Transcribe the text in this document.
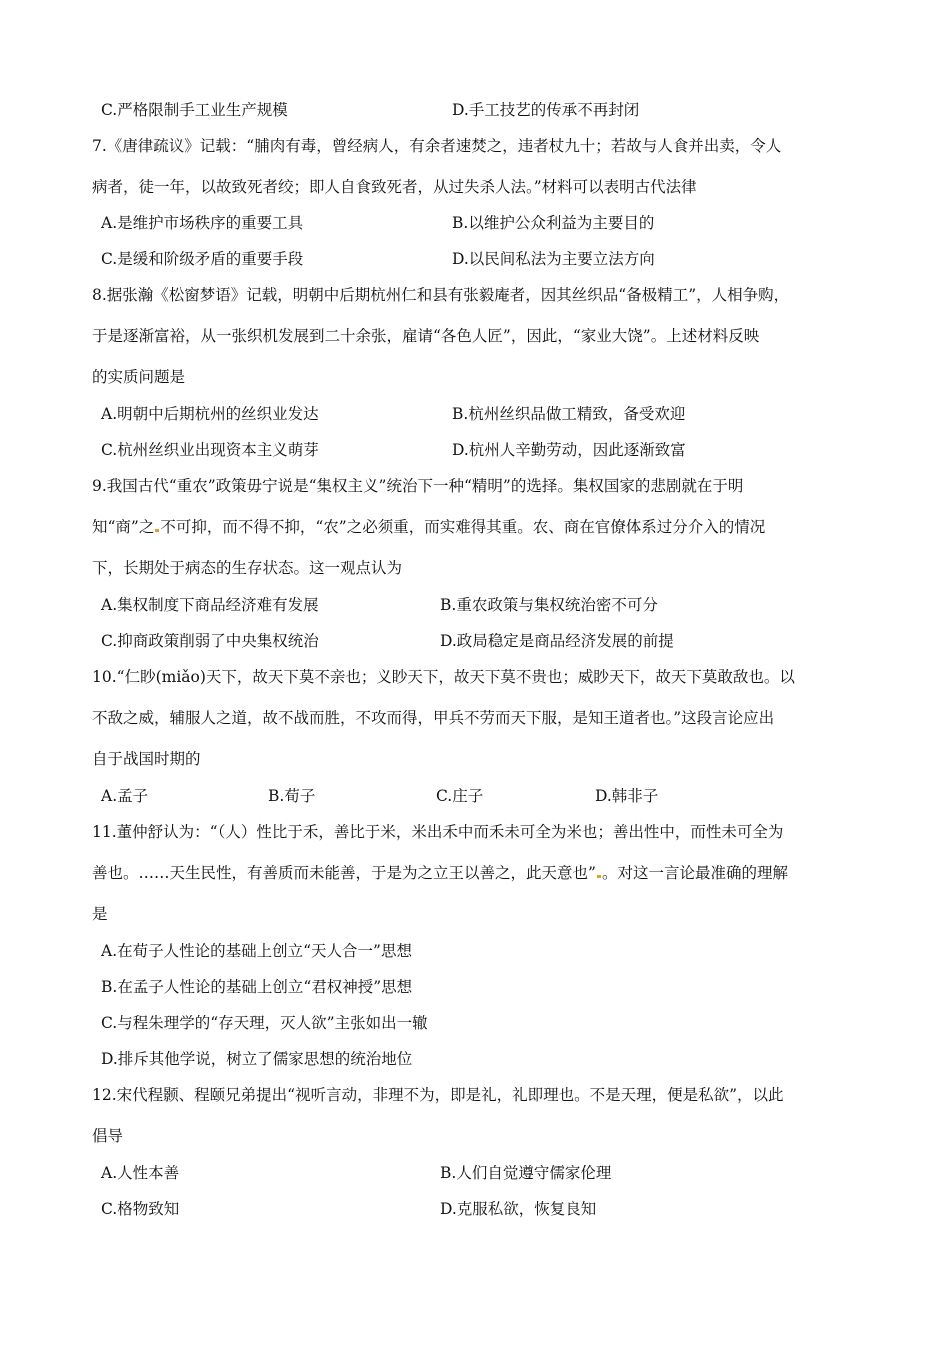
C.严格限制手工业生产规模	D.手工技艺的传承不再封闭
7.《唐律疏议》记载：“脯肉有毒，曾经病人，有余者速焚之，违者杖九十；若故与人食并出卖，令人
病者，徒一年，以故致死者绞；即人自食致死者，从过失杀人法。”材料可以表明古代法律
A.是维护市场秩序的重要工具	B.以维护公众利益为主要目的
C.是缓和阶级矛盾的重要手段	D.以民间私法为主要立法方向
8.据张瀚《松窗梦语》记载，明朝中后期杭州仁和县有张毅庵者，因其丝织品“备极精工”，人相争购，
于是逐渐富裕，从一张织机发展到二十余张，雇请“各色人匠”，因此，“家业大饶”。上述材料反映
的实质问题是
A.明朝中后期杭州的丝织业发达	B.杭州丝织品做工精致，备受欢迎
C.杭州丝织业出现资本主义萌芽	D.杭州人辛勤劳动，因此逐渐致富
9.我国古代“重农”政策毋宁说是“集权主义”统治下一种“精明”的选择。集权国家的悲剧就在于明
知“商”之 不可抑，而不得不抑，“农”之必须重，而实难得其重。农、商在官僚体系过分介入的情况
下，长期处于病态的生存状态。这一观点认为
A.集权制度下商品经济难有发展	B.重农政策与集权统治密不可分
C.抑商政策削弱了中央集权统治	D.政局稳定是商品经济发展的前提
10.“仁眇(miǎo)天下，故天下莫不亲也；义眇天下，故天下莫不贵也；威眇天下，故天下莫敢敌也。以
不敌之威，辅服人之道，故不战而胜，不攻而得，甲兵不劳而天下服，是知王道者也。”这段言论应出
自于战国时期的
A.孟子	B.荀子	C.庄子	D.韩非子
11.董仲舒认为：“（人）性比于禾，善比于米，米出禾中而禾未可全为米也；善出性中，而性未可全为
善也。……天生民性，有善质而未能善，于是为之立王以善之，此天意也” 。对这一言论最准确的理解
是
A.在荀子人性论的基础上创立“天人合一”思想
B.在孟子人性论的基础上创立“君权神授”思想
C.与程朱理学的“存天理，灭人欲”主张如出一辙
D.排斥其他学说，树立了儒家思想的统治地位
12.宋代程颢、程颐兄弟提出“视听言动，非理不为，即是礼，礼即理也。不是天理，便是私欲”，以此
倡导
A.人性本善	B.人们自觉遵守儒家伦理
C.格物致知	D.克服私欲，恢复良知
